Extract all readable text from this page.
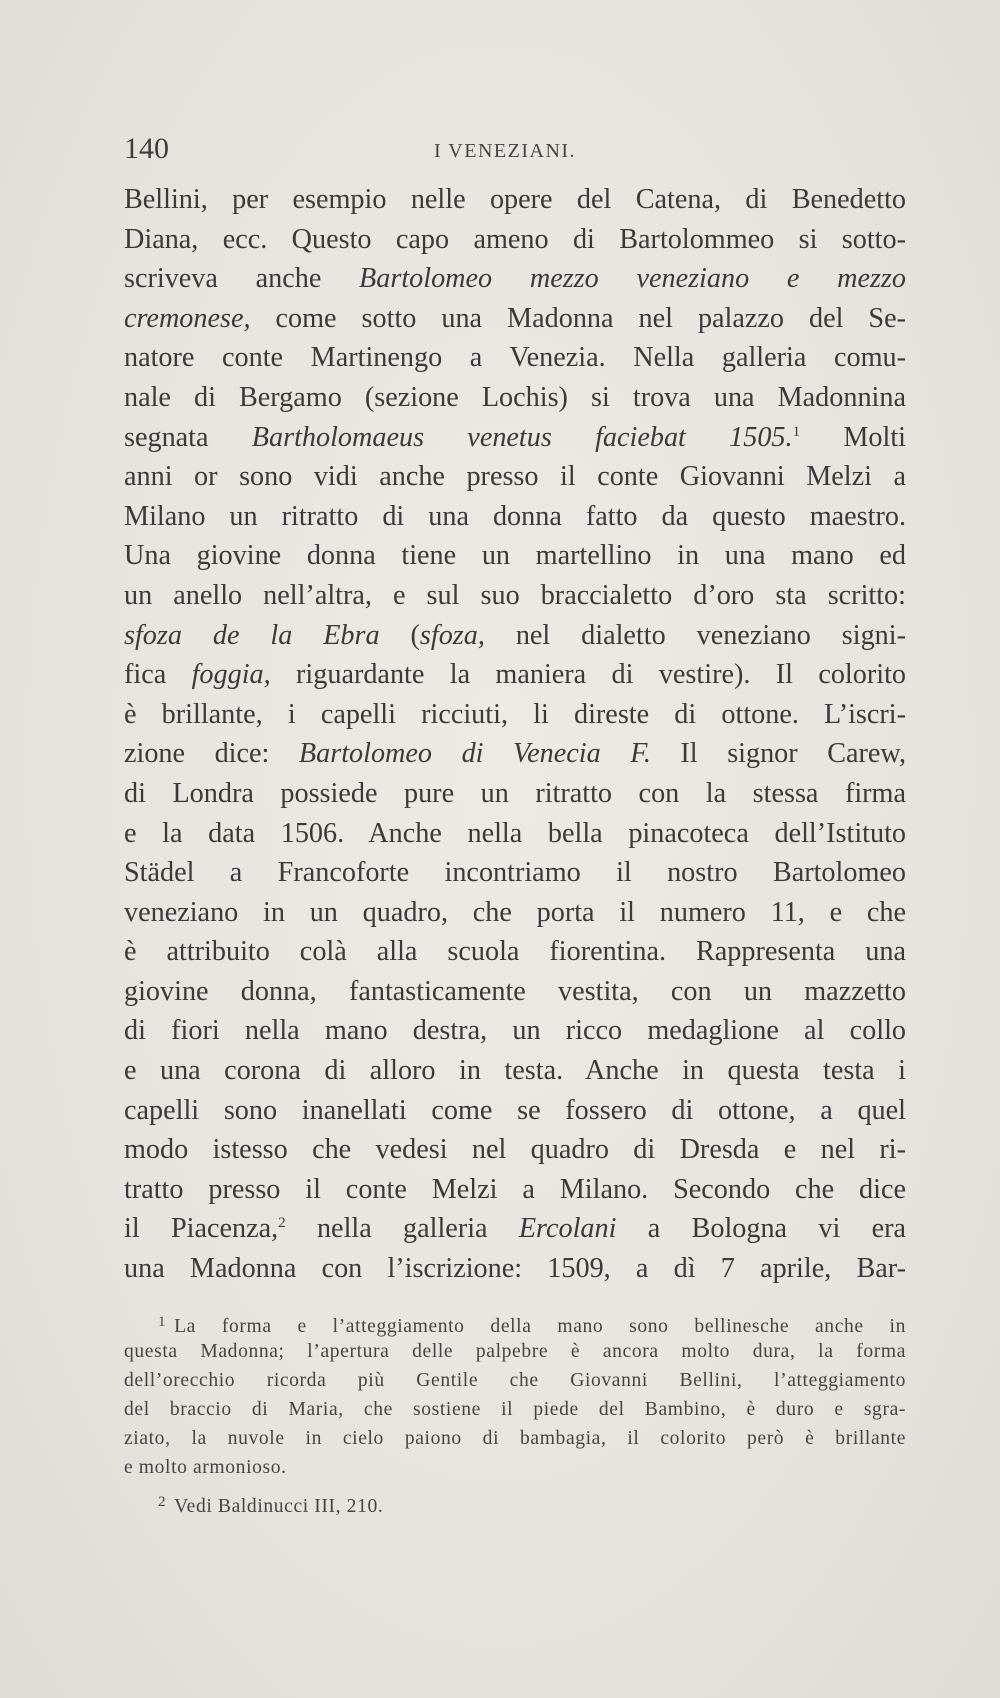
140	I VENEZIANI.
Bellini, per esempio nelle opere del Catena, di Benedetto
Diana, ecc. Questo capo ameno di Bartolommeo si sotto-
scriveva anche Bartolomeo mezzo veneziano e mezzo
cremonese, come sotto una Madonna nel palazzo del Se-
natore conte Martinengo a Venezia. Nella galleria comu-
nale di Bergamo (sezione Lochis) si trova una Madonnina
segnata Bartholomaeus venetus faciebat 1505.$^1$ Molti
anni or sono vidi anche presso il conte Giovanni Melzi a
Milano un ritratto di una donna fatto da questo maestro.
Una giovine donna tiene un martellino in una mano ed
un anello nell’altra, e sul suo braccialetto d’oro sta scritto:
sfoza de la Ebra (sfoza, nel dialetto veneziano signi-
fica foggia, riguardante la maniera di vestire). Il colorito
è brillante, i capelli ricciuti, li direste di ottone. L’iscri-
zione dice: Bartolomeo di Venecia F. Il signor Carew,
di Londra possiede pure un ritratto con la stessa firma
e la data 1506. Anche nella bella pinacoteca dell’Istituto
Städel a Francoforte incontriamo il nostro Bartolomeo
veneziano in un quadro, che porta il numero 11, e che
è attribuito colà alla scuola fiorentina. Rappresenta una
giovine donna, fantasticamente vestita, con un mazzetto
di fiori nella mano destra, un ricco medaglione al collo
e una corona di alloro in testa. Anche in questa testa i
capelli sono inanellati come se fossero di ottone, a quel
modo istesso che vedesi nel quadro di Dresda e nel ri-
tratto presso il conte Melzi a Milano. Secondo che dice
il Piacenza,$^2$ nella galleria Ercolani a Bologna vi era
una Madonna con l’iscrizione: 1509, a dì 7 aprile, Bar-
$^1$ La forma e l’atteggiamento della mano sono bellinesche anche in
questa Madonna; l’apertura delle palpebre è ancora molto dura, la forma
dell’orecchio ricorda più Gentile che Giovanni Bellini, l’atteggiamento
del braccio di Maria, che sostiene il piede del Bambino, è duro e sgra-
ziato, la nuvole in cielo paiono di bambagia, il colorito però è brillante
e molto armonioso.
$^2$ Vedi Baldinucci III, 210.
